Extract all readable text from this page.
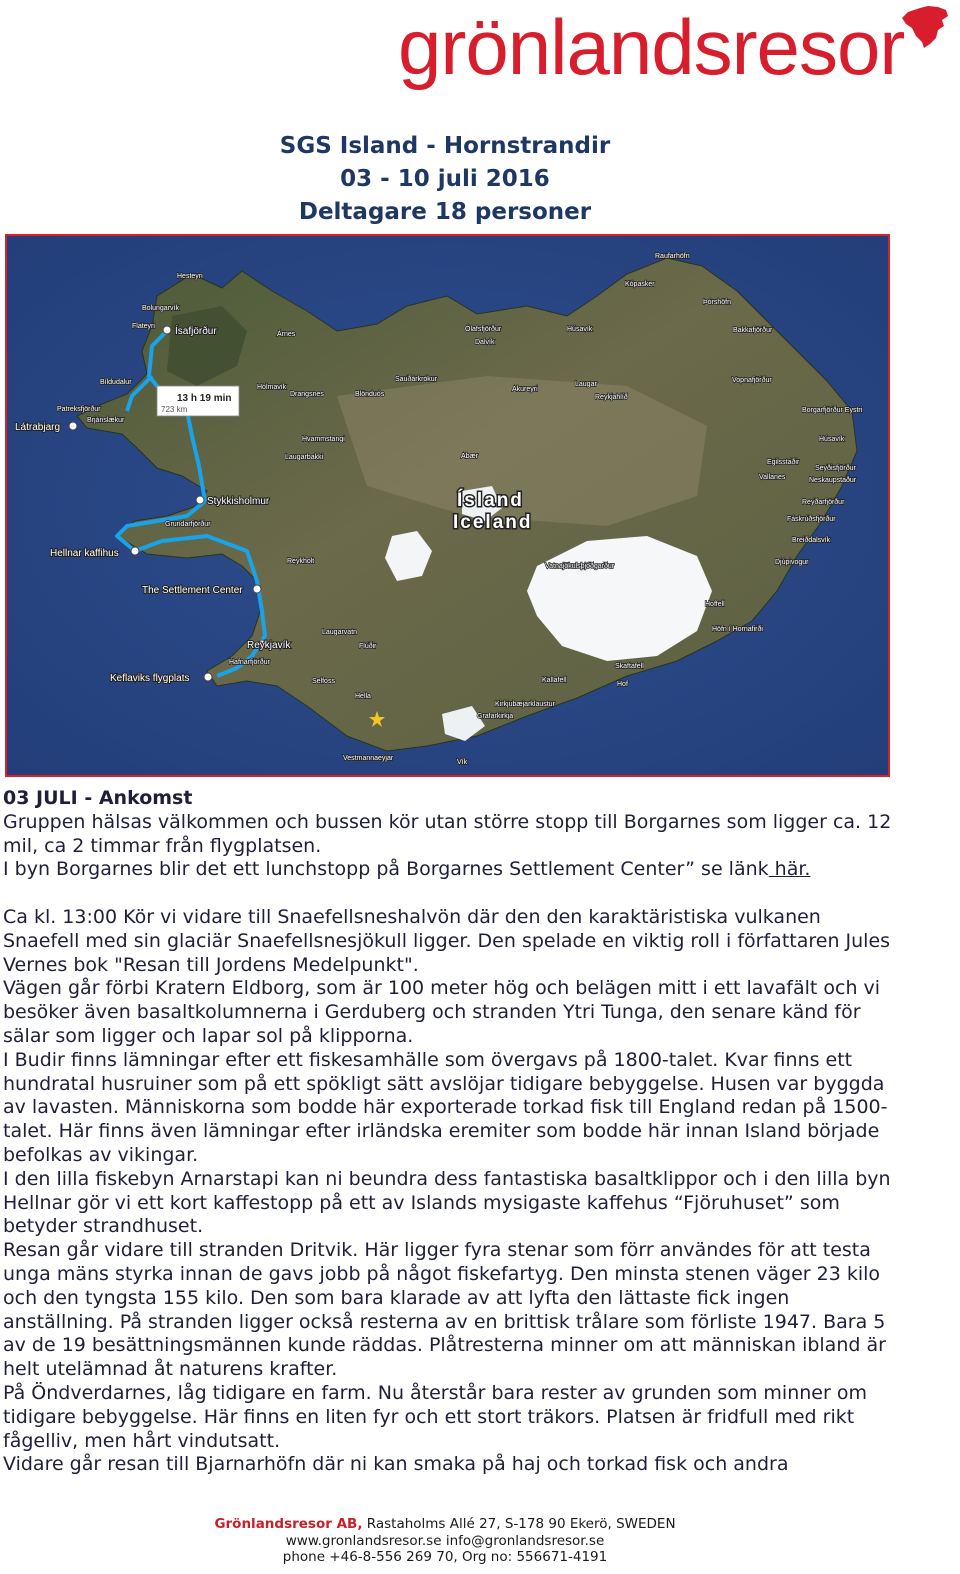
grönlandsresor
SGS Island - Hornstrandir
03 - 10 juli 2016
Deltagare 18 personer
13 h 19 min
723 km
Ísland
Iceland
Ísafjörður
Látrabjarg
Stykkisholmur
Hellnar kaffihus
The Settlement Center
Reykjavík
Keflaviks flygplats
Hesteyri
Bolungarvík
Flateyri
Árnes
Hólmavík
Drangsnes
Patreksfjörður
Bíldudalur
Brjánslækur
Hvammstangi
Laugarbakki
Sauðárkrókur
Blönduós
Ólafsfjörður
Dalvík
Akureyri
Húsavík
Laugar
Reykjahlíð
Raufarhöfn
Kópasker
Þórshöfn
Bakkafjörður
Vopnafjörður
Borgarfjörður Eystri
Húsavík
Egilsstaðir
Seyðisfjörður
Neskaupstaður
Vallanes
Reyðarfjörður
Fáskrúðsfjörður
Breiðdalsvík
Djúpivogur
Hoffell
Höfn í Hornafirði
Skaftafell
Hof
Kirkjubæjarklaustur
Grafarkirkja
Kallafell
Vík
Vestmannaeyjar
Hella
Selfoss
Flúðir
Laugarvatn
Hafnarfjörður
Reykholt
Grundarfjörður
Abær
Vatnajökulsþjóðgarður

03 JULI - Ankomst

Gruppen hälsas välkommen och bussen kör utan större stopp till Borgarnes som ligger ca. 12 mil, ca 2 timmar från flygplatsen.

I byn Borgarnes blir det ett lunchstopp på Borgarnes Settlement Center” se länk här.

Ca kl. 13:00 Kör vi vidare till Snaefellsneshalvön där den den karaktäristiska vulkanen Snaefell med sin glaciär Snaefellsnesjökull ligger. Den spelade en viktig roll i författaren Jules Vernes bok "Resan till Jordens Medelpunkt".

Vägen går förbi Kratern Eldborg, som är 100 meter hög och belägen mitt i ett lavafält och vi besöker även basaltkolumnerna i Gerduberg och stranden Ytri Tunga, den senare känd för sälar som ligger och lapar sol på klipporna.

I Budir finns lämningar efter ett fiskesamhälle som övergavs på 1800-talet. Kvar finns ett hundratal husruiner som på ett spökligt sätt avslöjar tidigare bebyggelse. Husen var byggda av lavasten. Människorna som bodde här exporterade torkad fisk till England redan på 1500-talet. Här finns även lämningar efter irländska eremiter som bodde här innan Island började befolkas av vikingar.

I den lilla fiskebyn Arnarstapi kan ni beundra dess fantastiska basaltklippor och i den lilla byn Hellnar gör vi ett kort kaffestopp på ett av Islands mysigaste kaffehus “Fjöruhuset” som betyder strandhuset.

Resan går vidare till stranden Dritvik. Här ligger fyra stenar som förr användes för att testa unga mäns styrka innan de gavs jobb på något fiskefartyg. Den minsta stenen väger 23 kilo och den tyngsta 155 kilo. Den som bara klarade av att lyfta den lättaste fick ingen anställning. På stranden ligger också resterna av en brittisk trålare som förliste 1947. Bara 5 av de 19 besättningsmännen kunde räddas. Plåtresterna minner om att människan ibland är helt utelämnad åt naturens krafter.

På Öndverdarnes, låg tidigare en farm. Nu återstår bara rester av grunden som minner om tidigare bebyggelse. Här finns en liten fyr och ett stort träkors. Platsen är fridfull med rikt fågelliv, men hårt vindutsatt.

Vidare går resan till Bjarnarhöfn där ni kan smaka på haj och torkad fisk och andra

Grönlandsresor AB, Rastaholms Allé 27, S-178 90 Ekerö, SWEDEN
www.gronlandsresor.se info@gronlandsresor.se
phone +46-8-556 269 70, Org no: 556671-4191
